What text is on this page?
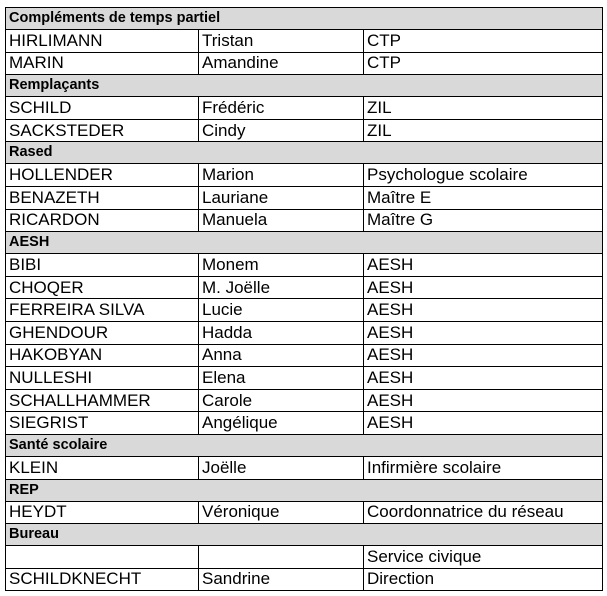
Compléments de temps partiel		
HIRLIMANN	Tristan	CTP
MARIN	Amandine	CTP
Remplaçants		
SCHILD	Frédéric	ZIL
SACKSTEDER	Cindy	ZIL
Rased		
HOLLENDER	Marion	Psychologue scolaire
BENAZETH	Lauriane	Maître E
RICARDON	Manuela	Maître G
AESH		
BIBI	Monem	AESH
CHOQER	M. Joëlle	AESH
FERREIRA SILVA	Lucie	AESH
GHENDOUR	Hadda	AESH
HAKOBYAN	Anna	AESH
NULLESHI	Elena	AESH
SCHALLHAMMER	Carole	AESH
SIEGRIST	Angélique	AESH
Santé scolaire		
KLEIN	Joëlle	Infirmière scolaire
REP		
HEYDT	Véronique	Coordonnatrice du réseau
Bureau		
		Service civique
SCHILDKNECHT	Sandrine	Direction
